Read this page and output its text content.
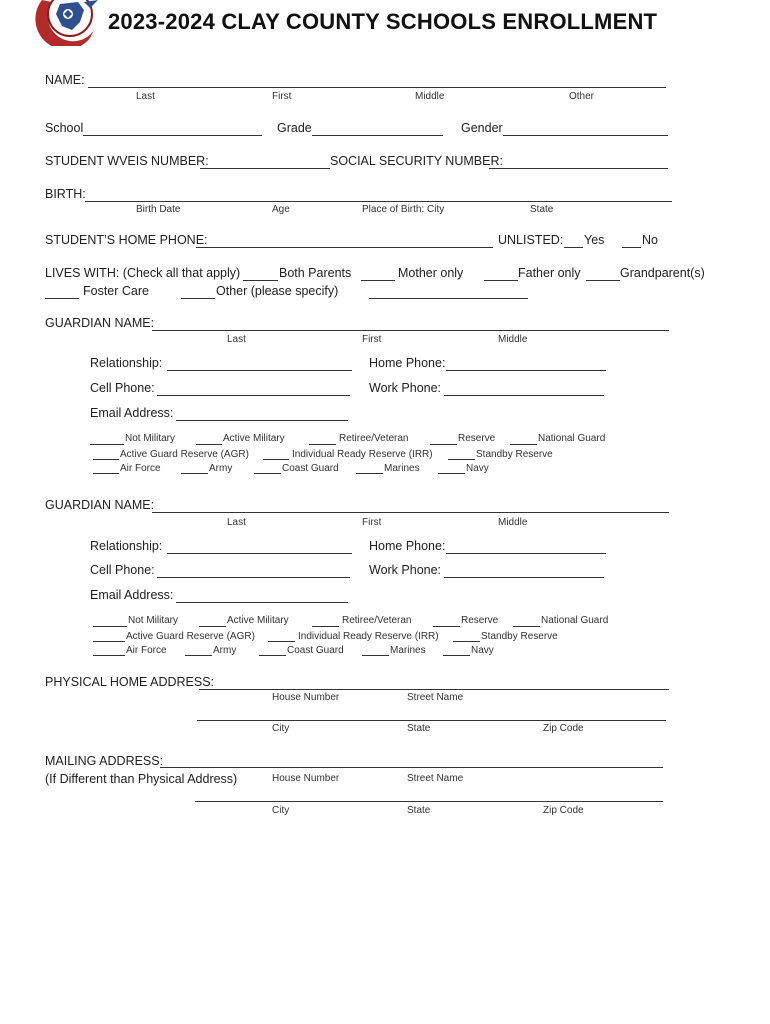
2023-2024 CLAY COUNTY SCHOOLS ENROLLMENT
NAME:
Last	First	Middle	Other
School	Grade	Gender
STUDENT WVEIS NUMBER:	SOCIAL SECURITY NUMBER:
BIRTH:
Birth Date	Age	Place of Birth: City	State
STUDENT’S HOME PHONE:	UNLISTED: Yes	No
LIVES WITH: (Check all that apply)	Both Parents	Mother only	Father only	Grandparent(s)
Foster Care	Other (please specify)
GUARDIAN NAME:
Last	First	Middle
Relationship:	Home Phone:
Cell Phone:	Work Phone:
Email Address:
Not Military	Active Military	Retiree/Veteran	Reserve	National Guard
Active Guard Reserve (AGR)	Individual Ready Reserve (IRR)	Standby Reserve
Air Force	Army	Coast Guard	Marines	Navy
GUARDIAN NAME:
Last	First	Middle
Relationship:	Home Phone:
Cell Phone:	Work Phone:
Email Address:
Not Military	Active Military	Retiree/Veteran	Reserve	National Guard
Active Guard Reserve (AGR)	Individual Ready Reserve (IRR)	Standby Reserve
Air Force	Army	Coast Guard	Marines	Navy
PHYSICAL HOME ADDRESS:
House Number	Street Name
City	State	Zip Code
MAILING ADDRESS:
(If Different than Physical Address)	House Number	Street Name
City	State	Zip Code
